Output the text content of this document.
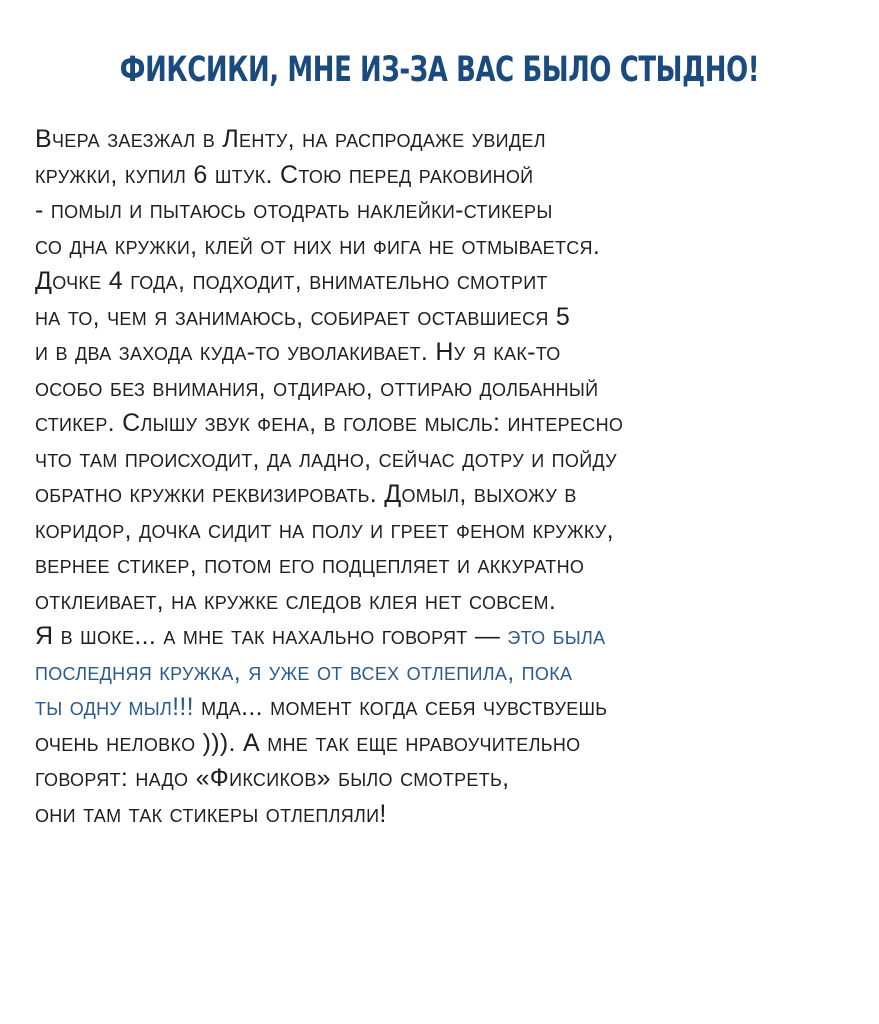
ФИКСИКИ, МНЕ ИЗ-ЗА ВАС БЫЛО СТЫДНО!
Вчера заезжал в Ленту, на распродаже увидел
кружки, купил 6 штук. Стою перед раковиной
- помыл и пытаюсь отодрать наклейки-стикеры
со дна кружки, клей от них ни фига не отмывается.
Дочке 4 года, подходит, внимательно смотрит
на то, чем я занимаюсь, собирает оставшиеся 5
и в два захода куда-то уволакивает. Ну я как-то
особо без внимания, отдираю, оттираю долбанный
стикер. Слышу звук фена, в голове мысль: интересно
что там происходит, да ладно, сейчас дотру и пойду
обратно кружки реквизировать. Домыл, выхожу в
коридор, дочка сидит на полу и греет феном кружку,
вернее стикер, потом его подцепляет и аккуратно
отклеивает, на кружке следов клея нет совсем.
Я в шоке... а мне так нахально говорят — это была
последняя кружка, я уже от всех отлепила, пока
ты одну мыл!!! мда... момент когда себя чувствуешь
очень неловко ))). А мне так еще нравоучительно
говорят: надо «Фиксиков» было смотреть,
они там так стикеры отлепляли!
